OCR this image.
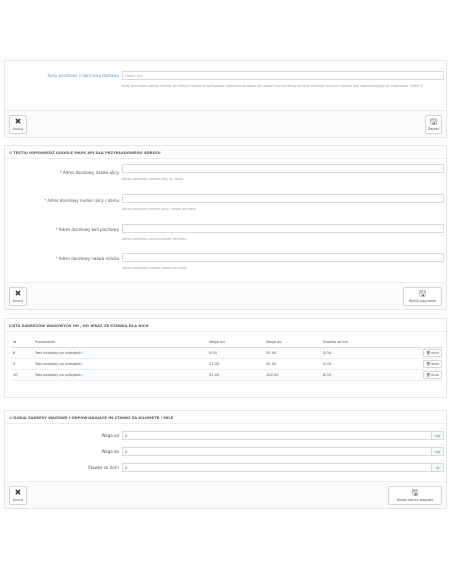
Kody pocztowe z darmową dostawą	Dodaj tag
Kody pocztowe adresu klienta do których będzie przysługiwać darmowa dostawa (by dodać kod pocztowy proszę nacisnąć na polu i wpisać kod zatwierdzający go klawiszem "Enter")
✖
Anuluj
🖫
Zapisz
⚙TESTUJ ODPOWIEDŹ GOOGLE MAPS API DLA PRZYKŁADOWEGO ADRESU
*Adres docelowy nazwa ulicy
Adres docelowy nazwa ulicy do testu
*Adres docelowy numer ulicy / domu
Adres docelowy numer ulicy / domu do testu
*Adres docelowy kod pocztowy
Adres docelowy kod pocztowy do testu
*Adres docelowy nazwa miasta
Adres docelowy nazwa miasta do testu
✖
Anuluj
🖫
Wyślij zapytanie
LISTA ZAKRESÓW WAGOWYCH OD / DO WRAZ ZE STAWKĄ DLA NICH
Id	Przewoźnik	Waga od	Waga do	Stawka za km	
8	Test dostawy po odległości	0.00	20.00	3.00	🗑Usuń
9	Test dostawy po odległości	21.00	50.00	5.00	🗑Usuń
10	Test dostawy po odległości	51.00	100.00	8.00	🗑Usuń
⚙DODAJ ZAKRESY WAGOWE I ODPOWIADAJĄCE IM STAWKI ZA KILOMETR / MILE
Waga od	0	kg
Waga do	0	kg
Stawka za (km)	0	zł
✖
Anuluj
🖫
Dodaj zakres wagowy
